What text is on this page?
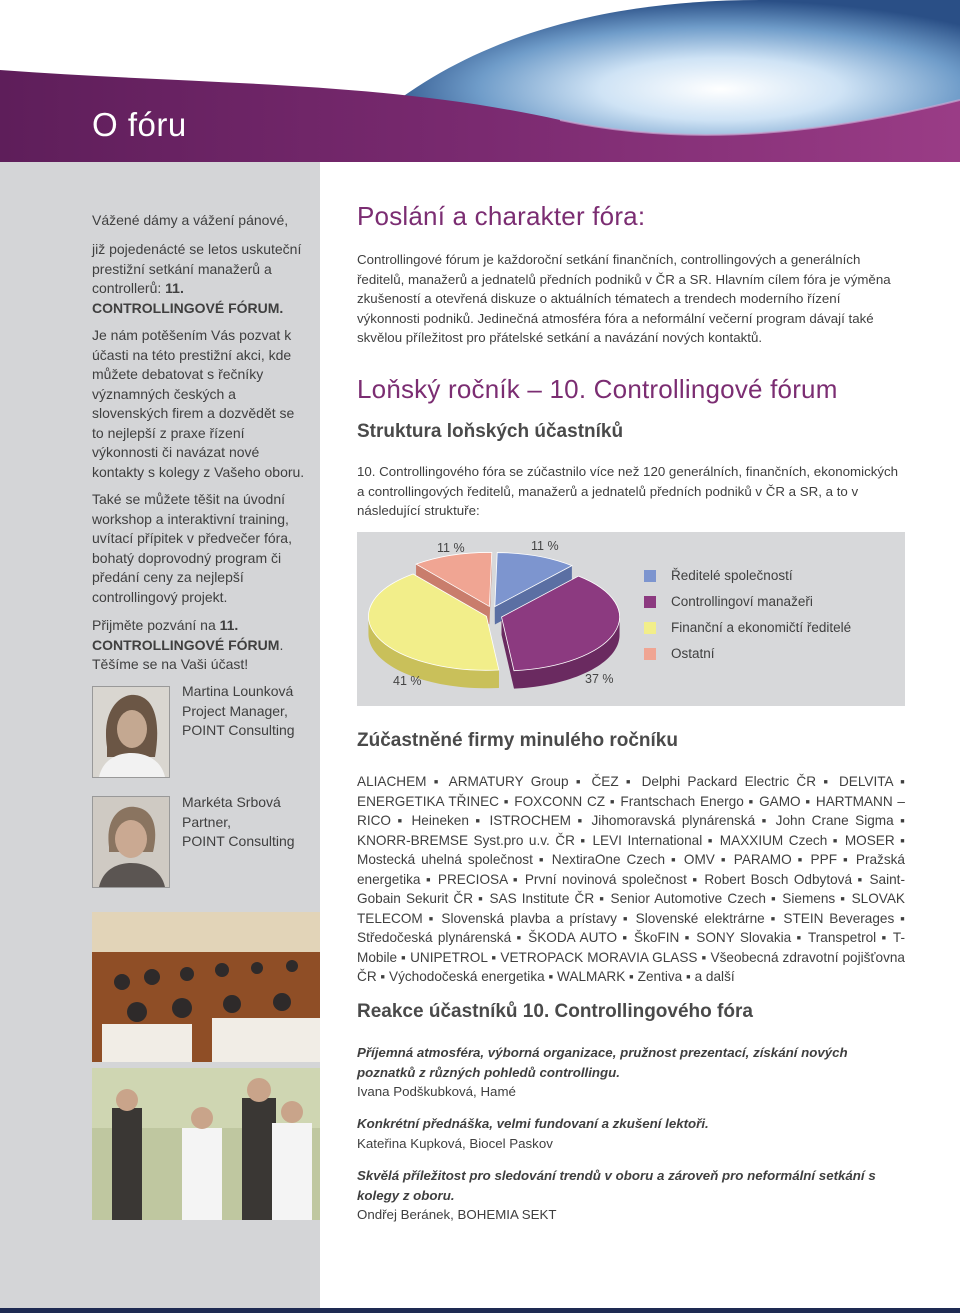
O fóru

Vážené dámy a vážení pánové,

již pojedenácté se letos uskuteční prestižní setkání manažerů a controllerů: 11. CONTROLLINGOVÉ FÓRUM.

Je nám potěšením Vás pozvat k účasti na této prestižní akci, kde můžete debatovat s řečníky významných českých a slovenských firem a dozvědět se to nejlepší z praxe řízení výkonnosti či navázat nové kontakty s kolegy z Vašeho oboru.

Také se můžete těšit na úvodní workshop a interaktivní training, uvítací přípitek v předvečer fóra, bohatý doprovodný program či předání ceny za nejlepší controllingový projekt.

Přijměte pozvání na 11. CONTROLLINGOVÉ FÓRUM. Těšíme se na Vaši účast!

Martina Lounková
Project Manager,
POINT Consulting
Markéta Srbová
Partner,
POINT Consulting
Poslání a charakter fóra:

Controllingové fórum je každoroční setkání finančních, controllingových a generálních ředitelů, manažerů a jednatelů předních podniků v ČR a SR. Hlavním cílem fóra je výměna zkušeností a otevřená diskuze o aktuálních tématech a trendech moderního řízení výkonnosti podniků. Jedinečná atmosféra fóra a neformální večerní program dávají také skvělou příležitost pro přátelské setkání a navázání nových kontaktů.

Loňský ročník – 10. Controllingové fórum
Struktura loňských účastníků

10. Controllingového fóra se zúčastnilo více než 120 generálních, finančních, ekonomických a controllingových ředitelů, manažerů a jednatelů předních podniků v ČR a SR, a to v následující struktuře:

11 %	11 %
41 %	37 %
Ředitelé společností
Controllingoví manažeři
Finanční a ekonomičtí ředitelé
Ostatní
Zúčastněné firmy minulého ročníku

ALIACHEM ▪ ARMATURY Group ▪ ČEZ ▪ Delphi Packard Electric ČR ▪ DELVITA ▪ ENERGETIKA TŘINEC ▪ FOXCONN CZ ▪ Frantschach Energo ▪ GAMO ▪ HARTMANN – RICO ▪ Heineken ▪ ISTROCHEM ▪ Jihomoravská plynárenská ▪ John Crane Sigma ▪ KNORR-BREMSE Syst.pro u.v. ČR ▪ LEVI International ▪ MAXXIUM Czech ▪ MOSER ▪ Mostecká uhelná společnost ▪ NextiraOne Czech ▪ OMV ▪ PARAMO ▪ PPF ▪ Pražská energetika ▪ PRECIOSA ▪ První novinová společnost ▪ Robert Bosch Odbytová ▪ Saint-Gobain Sekurit ČR ▪ SAS Institute ČR ▪ Senior Automotive Czech ▪ Siemens ▪ SLOVAK TELECOM ▪ Slovenská plavba a prístavy ▪ Slovenské elektrárne ▪ STEIN Beverages ▪ Středočeská plynárenská ▪ ŠKODA AUTO ▪ ŠkoFIN ▪ SONY Slovakia ▪ Transpetrol ▪ T-Mobile ▪ UNIPETROL ▪ VETROPACK MORAVIA GLASS ▪ Všeobecná zdravotní pojišťovna ČR ▪ Východočeská energetika ▪ WALMARK ▪ Zentiva ▪ a další

Reakce účastníků 10. Controllingového fóra

Příjemná atmosféra, výborná organizace, pružnost prezentací, získání nových poznatků z různých pohledů controllingu.

Ivana Podškubková, Hamé

Konkrétní přednáška, velmi fundovaní a zkušení lektoři.

Kateřina Kupková, Biocel Paskov

Skvělá příležitost pro sledování trendů v oboru a zároveň pro neformální setkání s kolegy z oboru.

Ondřej Beránek, BOHEMIA SEKT
